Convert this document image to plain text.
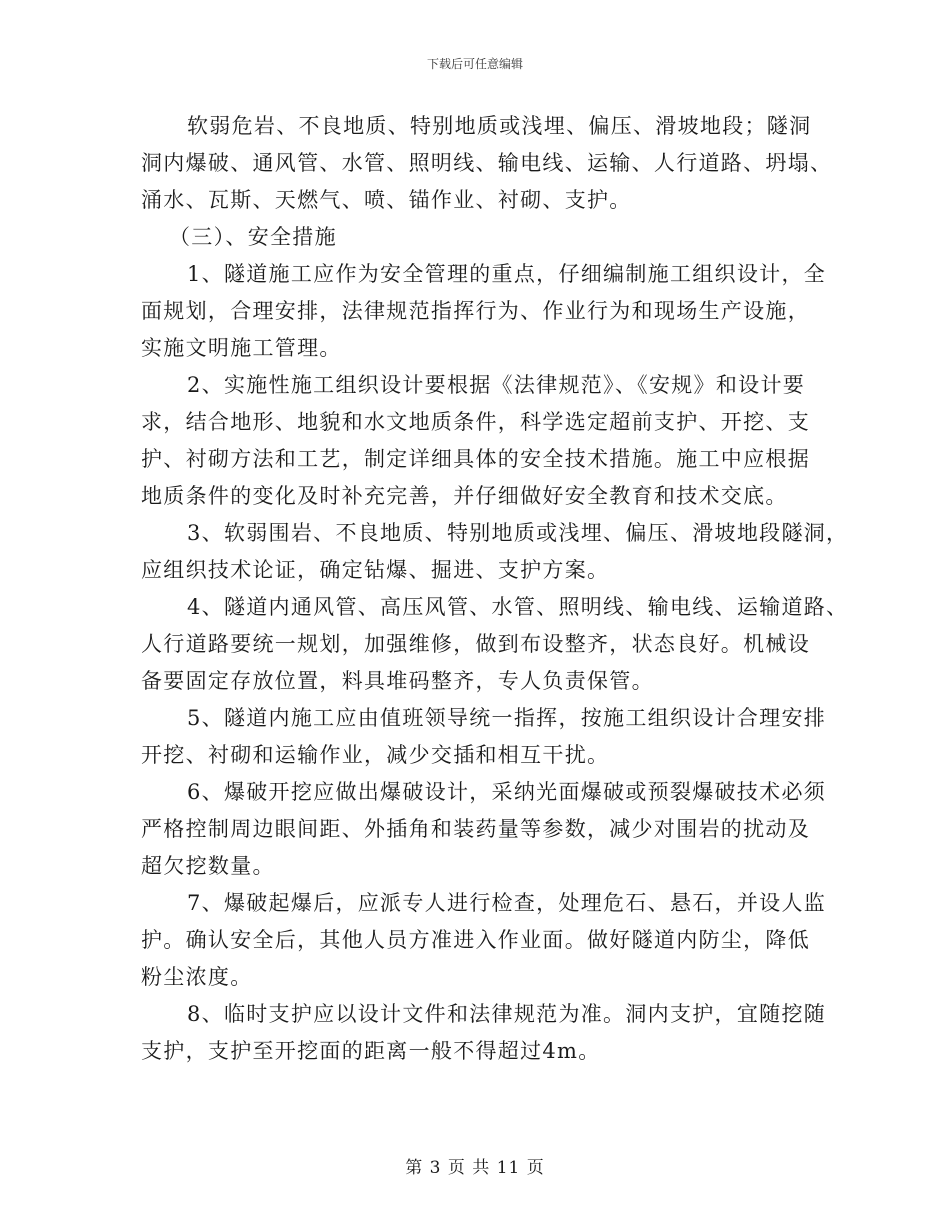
下载后可任意编辑
软弱危岩、不良地质、特别地质或浅埋、偏压、滑坡地段；隧洞
洞内爆破、通风管、水管、照明线、输电线、运输、人行道路、坍塌、
涌水、瓦斯、天燃气、喷、锚作业、衬砌、支护。
（三）、安全措施
1、隧道施工应作为安全管理的重点，仔细编制施工组织设计，全
面规划，合理安排，法律规范指挥行为、作业行为和现场生产设施，
实施文明施工管理。
2、实施性施工组织设计要根据《法律规范》、《安规》和设计要
求，结合地形、地貌和水文地质条件，科学选定超前支护、开挖、支
护、衬砌方法和工艺，制定详细具体的安全技术措施。施工中应根据
地质条件的变化及时补充完善，并仔细做好安全教育和技术交底。
3、软弱围岩、不良地质、特别地质或浅埋、偏压、滑坡地段隧洞，
应组织技术论证，确定钻爆、掘进、支护方案。
4、隧道内通风管、高压风管、水管、照明线、输电线、运输道路、
人行道路要统一规划，加强维修，做到布设整齐，状态良好。机械设
备要固定存放位置，料具堆码整齐，专人负责保管。
5、隧道内施工应由值班领导统一指挥，按施工组织设计合理安排
开挖、衬砌和运输作业，减少交插和相互干扰。
6、爆破开挖应做出爆破设计，采纳光面爆破或预裂爆破技术必须
严格控制周边眼间距、外插角和装药量等参数，减少对围岩的扰动及
超欠挖数量。
7、爆破起爆后，应派专人进行检查，处理危石、悬石，并设人监
护。确认安全后，其他人员方准进入作业面。做好隧道内防尘，降低
粉尘浓度。
8、临时支护应以设计文件和法律规范为准。洞内支护，宜随挖随
支护，支护至开挖面的距离一般不得超过4m。
第 3 页 共 11 页
